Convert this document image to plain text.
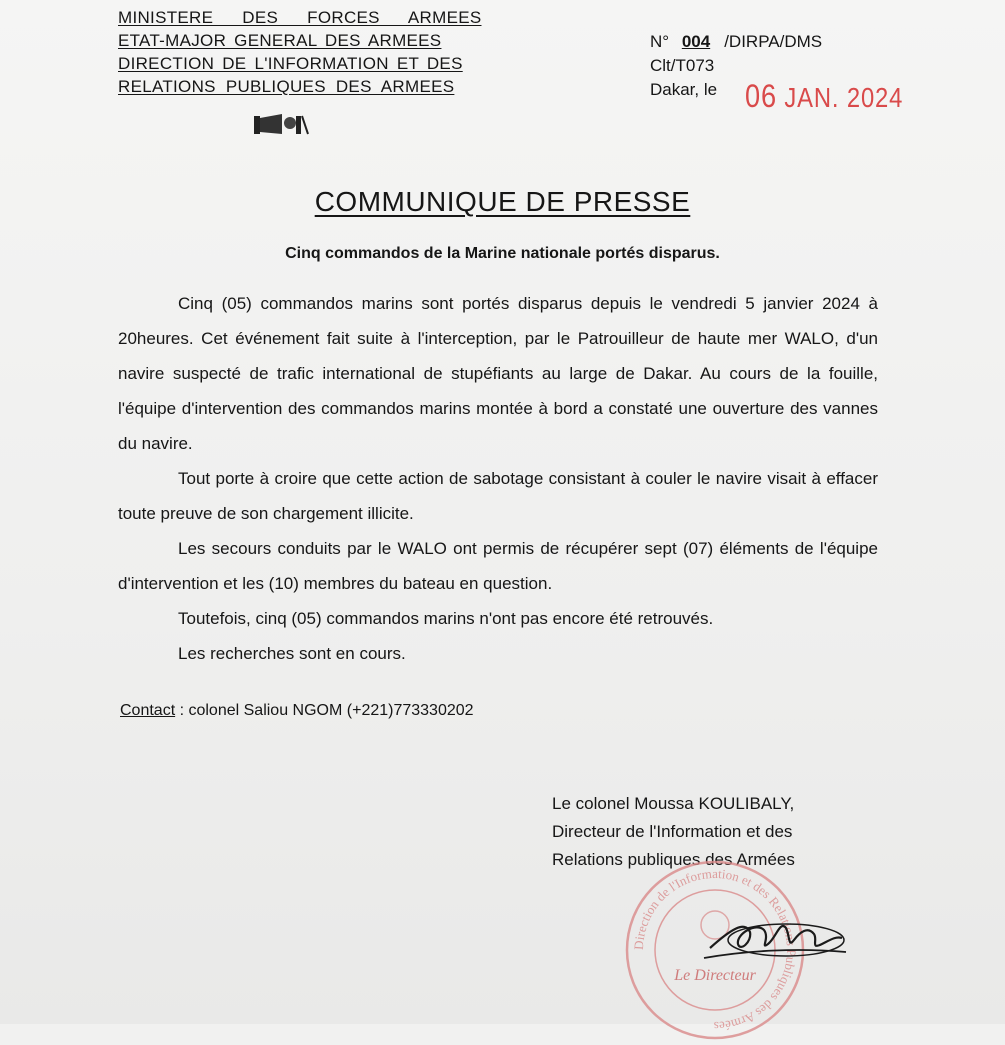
MINISTERE DES FORCES ARMEES
ETAT-MAJOR GENERAL DES ARMEES
DIRECTION DE L'INFORMATION ET DES
RELATIONS PUBLIQUES DES ARMEES
N° 004 /DIRPA/DMS
Clt/T073
Dakar, le 06 JAN. 2024
COMMUNIQUE DE PRESSE
Cinq commandos de la Marine nationale portés disparus.

Cinq (05) commandos marins sont portés disparus depuis le vendredi 5 janvier 2024 à 20heures. Cet événement fait suite à l'interception, par le Patrouilleur de haute mer WALO, d'un navire suspecté de trafic international de stupéfiants au large de Dakar. Au cours de la fouille, l'équipe d'intervention des commandos marins montée à bord a constaté une ouverture des vannes du navire.

Tout porte à croire que cette action de sabotage consistant à couler le navire visait à effacer toute preuve de son chargement illicite.

Les secours conduits par le WALO ont permis de récupérer sept (07) éléments de l'équipe d'intervention et les (10) membres du bateau en question.

Toutefois, cinq (05) commandos marins n'ont pas encore été retrouvés.

Les recherches sont en cours.

Contact : colonel Saliou NGOM (+221)773330202
Le colonel Moussa KOULIBALY,
Directeur de l'Information et des
Relations publiques des Armées
Direction de l'Information et des Relations Publiques des Armées
Le Directeur
